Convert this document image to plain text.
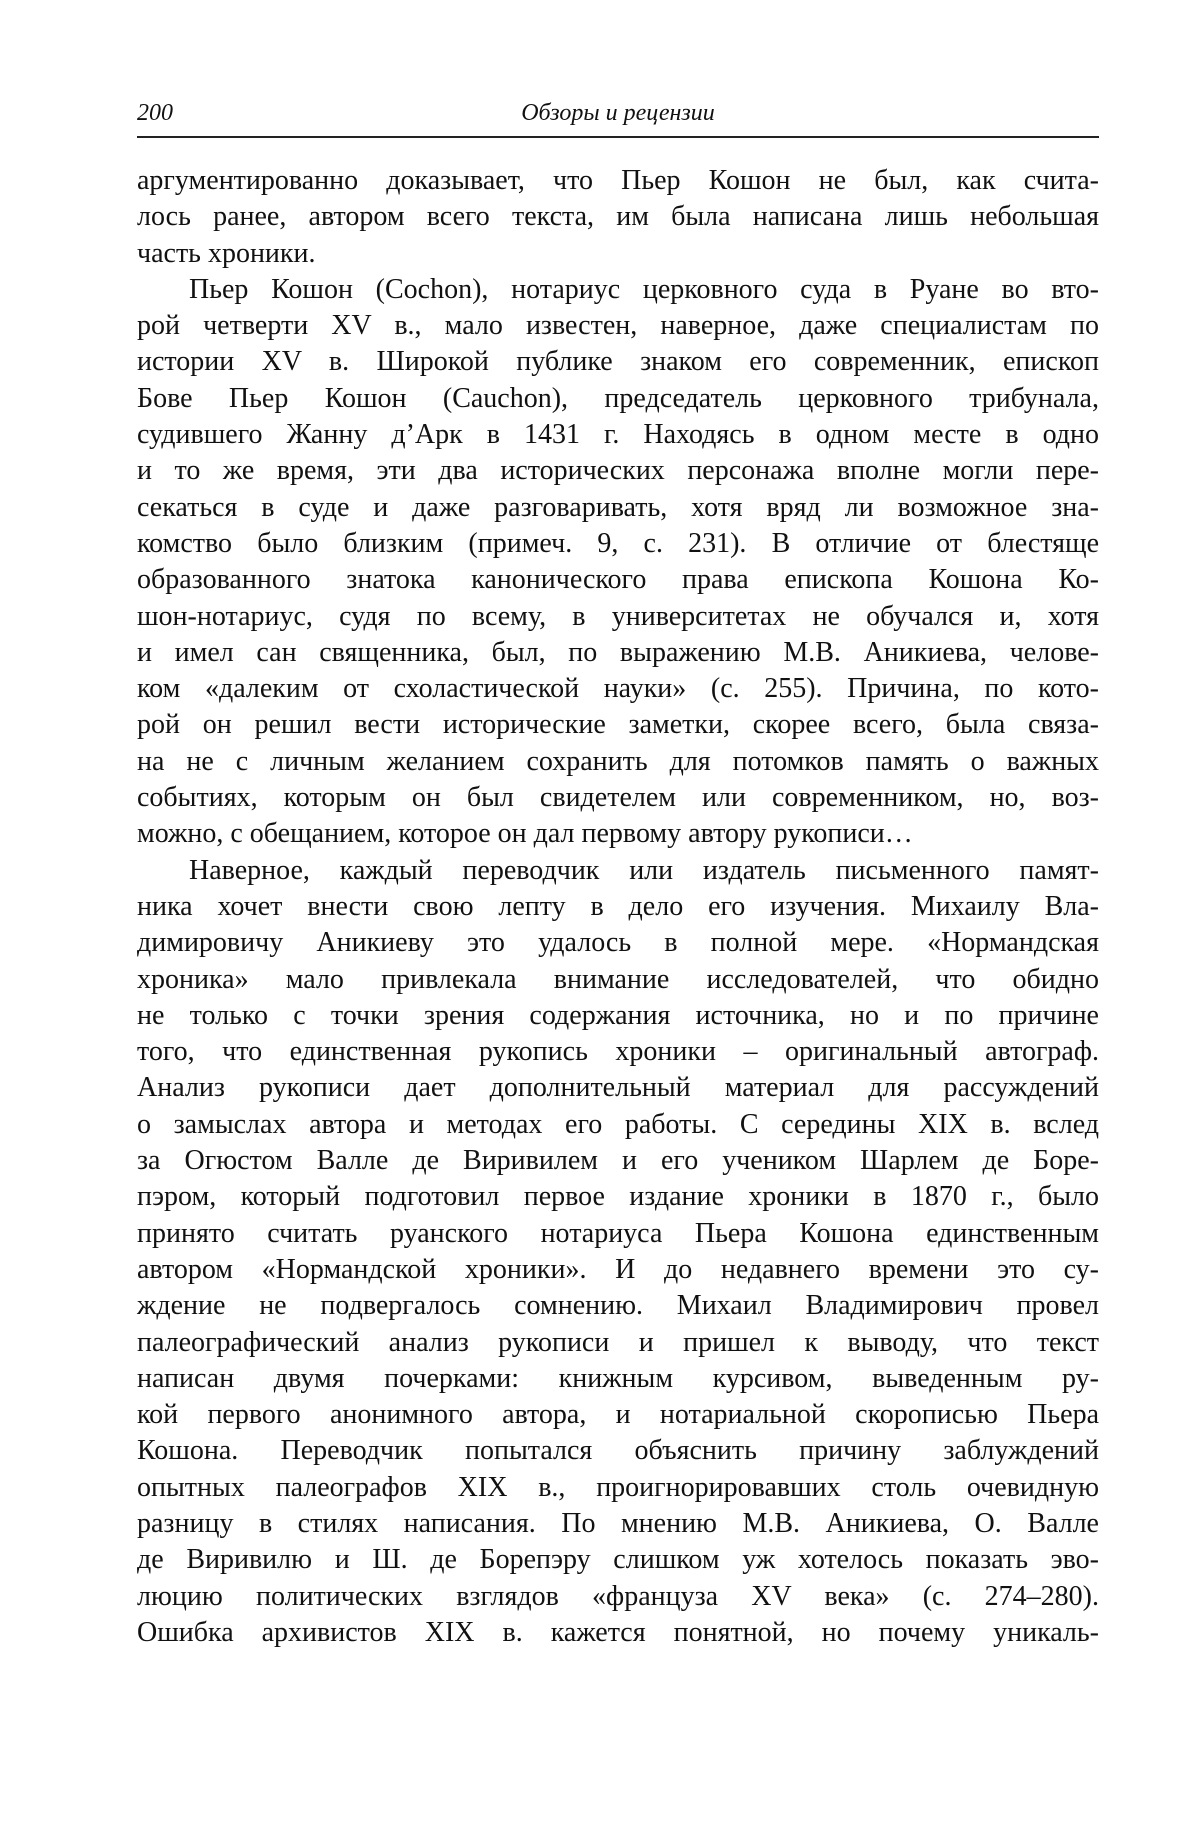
200	Обзоры и рецензии
аргументированно доказывает, что Пьер Кошон не был, как счита-
лось ранее, автором всего текста, им была написана лишь небольшая
часть хроники.
Пьер Кошон (Cochon), нотариус церковного суда в Руане во вто-
рой четверти XV в., мало известен, наверное, даже специалистам по
истории XV в. Широкой публике знаком его современник, епископ
Бове Пьер Кошон (Cauchon), председатель церковного трибунала,
судившего Жанну д’Арк в 1431 г. Находясь в одном месте в одно
и то же время, эти два исторических персонажа вполне могли пере-
секаться в суде и даже разговаривать, хотя вряд ли возможное зна-
комство было близким (примеч. 9, с. 231). В отличие от блестяще
образованного знатока канонического права епископа Кошона Ко-
шон-нотариус, судя по всему, в университетах не обучался и, хотя
и имел сан священника, был, по выражению М.В. Аникиева, челове-
ком «далеким от схоластической науки» (с. 255). Причина, по кото-
рой он решил вести исторические заметки, скорее всего, была связа-
на не с личным желанием сохранить для потомков память о важных
событиях, которым он был свидетелем или современником, но, воз-
можно, с обещанием, которое он дал первому автору рукописи…
Наверное, каждый переводчик или издатель письменного памят-
ника хочет внести свою лепту в дело его изучения. Михаилу Вла-
димировичу Аникиеву это удалось в полной мере. «Нормандская
хроника» мало привлекала внимание исследователей, что обидно
не только с точки зрения содержания источника, но и по причине
того, что единственная рукопись хроники – оригинальный автограф.
Анализ рукописи дает дополнительный материал для рассуждений
о замыслах автора и методах его работы. С середины XIX в. вслед
за Огюстом Валле де Виривилем и его учеником Шарлем де Боре-
пэром, который подготовил первое издание хроники в 1870 г., было
принято считать руанского нотариуса Пьера Кошона единственным
автором «Нормандской хроники». И до недавнего времени это су-
ждение не подвергалось сомнению. Михаил Владимирович провел
палеографический анализ рукописи и пришел к выводу, что текст
написан двумя почерками: книжным курсивом, выведенным ру-
кой первого анонимного автора, и нотариальной скорописью Пьера
Кошона. Переводчик попытался объяснить причину заблуждений
опытных палеографов XIX в., проигнорировавших столь очевидную
разницу в стилях написания. По мнению М.В. Аникиева, О. Валле
де Виривилю и Ш. де Борепэру слишком уж хотелось показать эво-
люцию политических взглядов «француза XV века» (с. 274–280).
Ошибка архивистов XIX в. кажется понятной, но почему уникаль-
